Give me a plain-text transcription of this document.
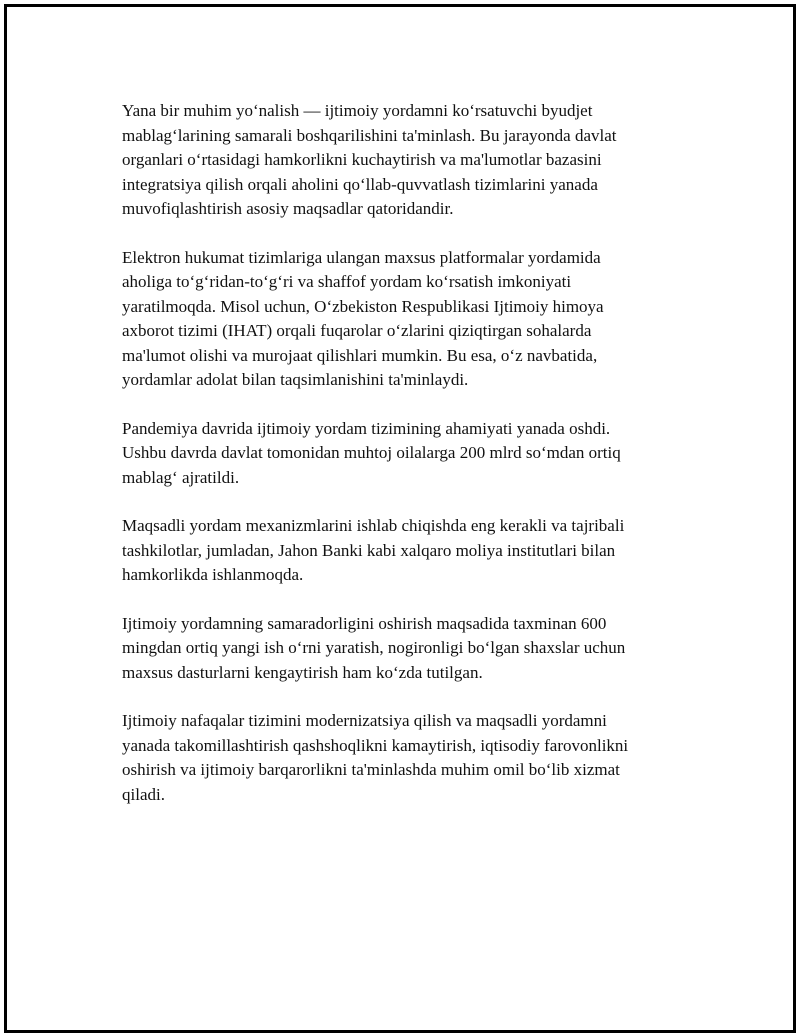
Yana bir muhim yo‘nalish — ijtimoiy yordamni ko‘rsatuvchi byudjet
mablag‘larining samarali boshqarilishini ta'minlash. Bu jarayonda davlat
organlari o‘rtasidagi hamkorlikni kuchaytirish va ma'lumotlar bazasini
integratsiya qilish orqali aholini qo‘llab-quvvatlash tizimlarini yanada
muvofiqlashtirish asosiy maqsadlar qatoridandir.

Elektron hukumat tizimlariga ulangan maxsus platformalar yordamida
aholiga to‘g‘ridan-to‘g‘ri va shaffof yordam ko‘rsatish imkoniyati
yaratilmoqda. Misol uchun, O‘zbekiston Respublikasi Ijtimoiy himoya
axborot tizimi (IHAT) orqali fuqarolar o‘zlarini qiziqtirgan sohalarda
ma'lumot olishi va murojaat qilishlari mumkin. Bu esa, o‘z navbatida,
yordamlar adolat bilan taqsimlanishini ta'minlaydi.

Pandemiya davrida ijtimoiy yordam tizimining ahamiyati yanada oshdi.
Ushbu davrda davlat tomonidan muhtoj oilalarga 200 mlrd so‘mdan ortiq
mablag‘ ajratildi.

Maqsadli yordam mexanizmlarini ishlab chiqishda eng kerakli va tajribali
tashkilotlar, jumladan, Jahon Banki kabi xalqaro moliya institutlari bilan
hamkorlikda ishlanmoqda.

Ijtimoiy yordamning samaradorligini oshirish maqsadida taxminan 600
mingdan ortiq yangi ish o‘rni yaratish, nogironligi bo‘lgan shaxslar uchun
maxsus dasturlarni kengaytirish ham ko‘zda tutilgan.

Ijtimoiy nafaqalar tizimini modernizatsiya qilish va maqsadli yordamni
yanada takomillashtirish qashshoqlikni kamaytirish, iqtisodiy farovonlikni
oshirish va ijtimoiy barqarorlikni ta'minlashda muhim omil bo‘lib xizmat
qiladi.
